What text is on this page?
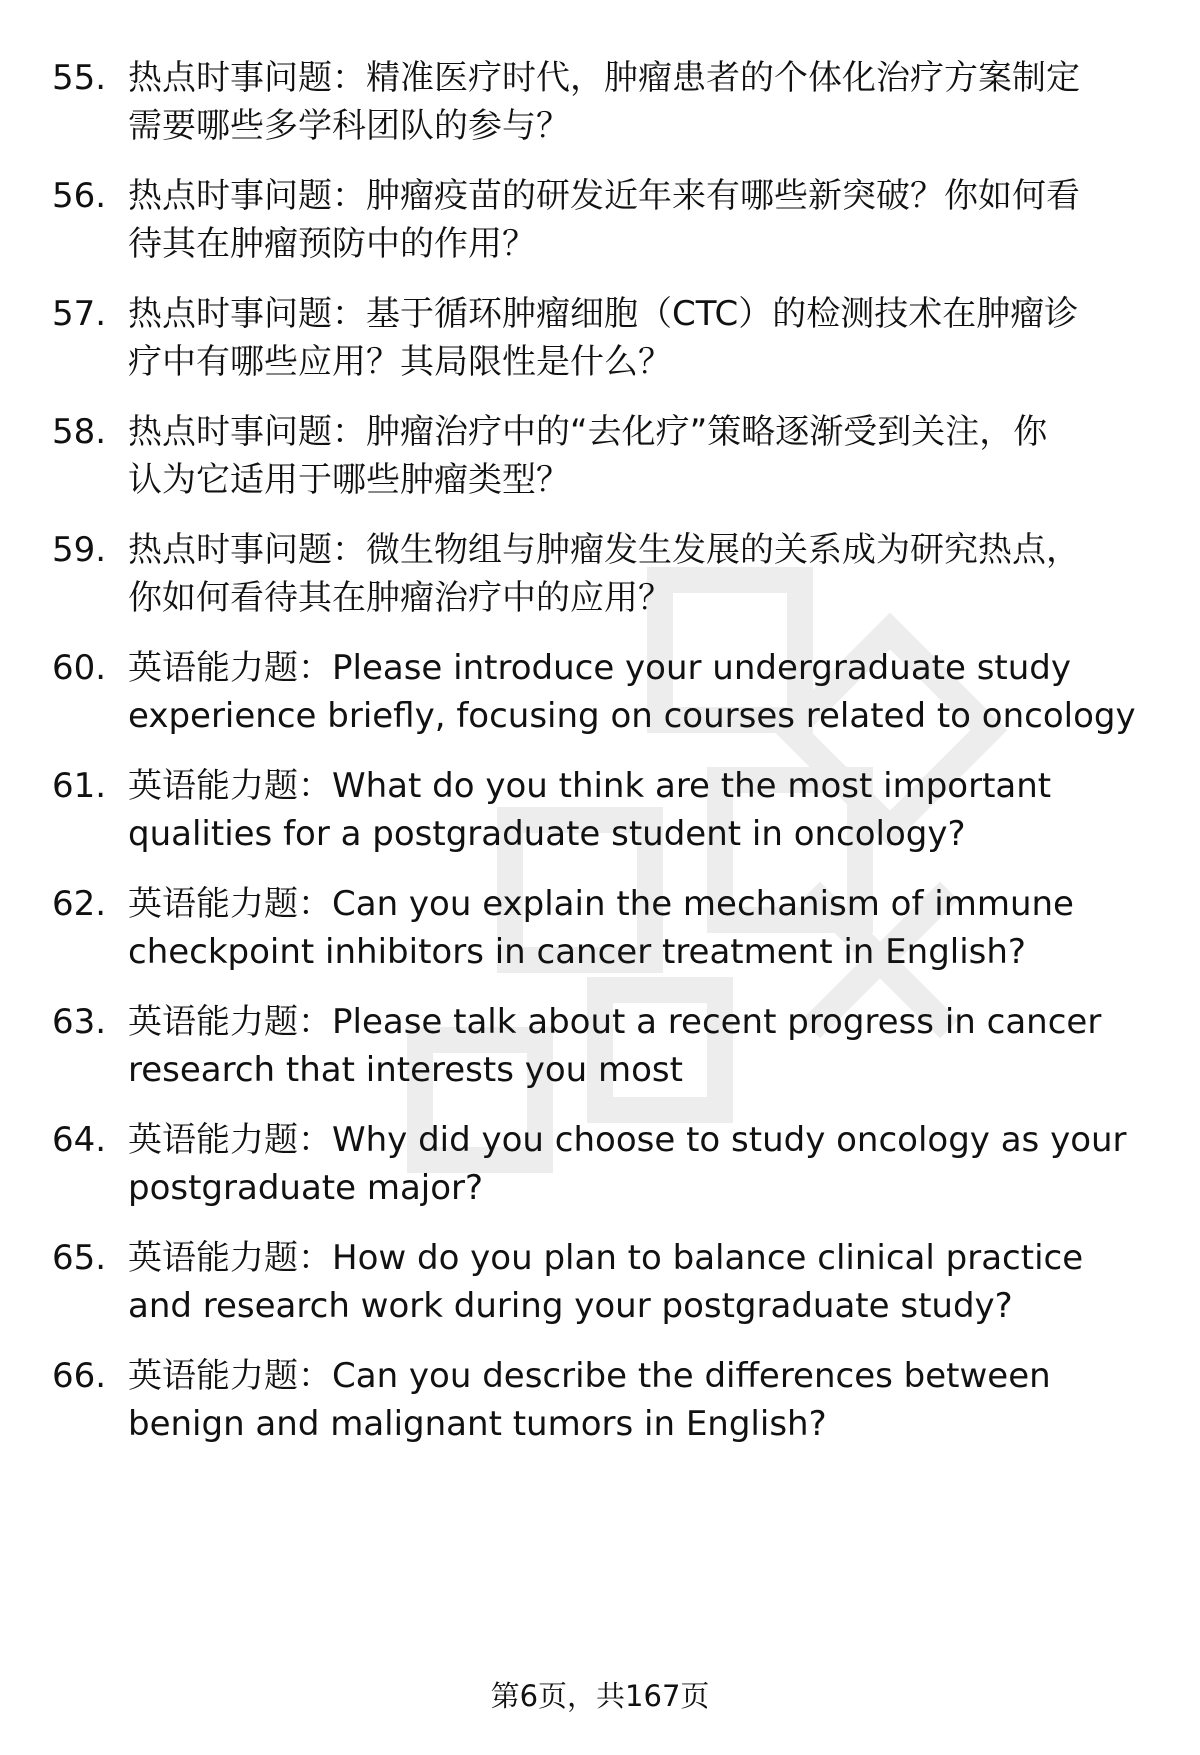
55. 热点时事问题：精准医疗时代，肿瘤患者的个体化治疗方案制定
需要哪些多学科团队的参与？
56. 热点时事问题：肿瘤疫苗的研发近年来有哪些新突破？你如何看
待其在肿瘤预防中的作用？
57. 热点时事问题：基于循环肿瘤细胞（CTC）的检测技术在肿瘤诊
疗中有哪些应用？其局限性是什么？
58. 热点时事问题：肿瘤治疗中的“去化疗”策略逐渐受到关注，你
认为它适用于哪些肿瘤类型？
59. 热点时事问题：微生物组与肿瘤发生发展的关系成为研究热点，
你如何看待其在肿瘤治疗中的应用？
60. 英语能力题：Please introduce your undergraduate study
experience briefly, focusing on courses related to oncology
61. 英语能力题：What do you think are the most important
qualities for a postgraduate student in oncology?
62. 英语能力题：Can you explain the mechanism of immune
checkpoint inhibitors in cancer treatment in English?
63. 英语能力题：Please talk about a recent progress in cancer
research that interests you most
64. 英语能力题：Why did you choose to study oncology as your
postgraduate major?
65. 英语能力题：How do you plan to balance clinical practice
and research work during your postgraduate study?
66. 英语能力题：Can you describe the differences between
benign and malignant tumors in English?
第6页，共167页
